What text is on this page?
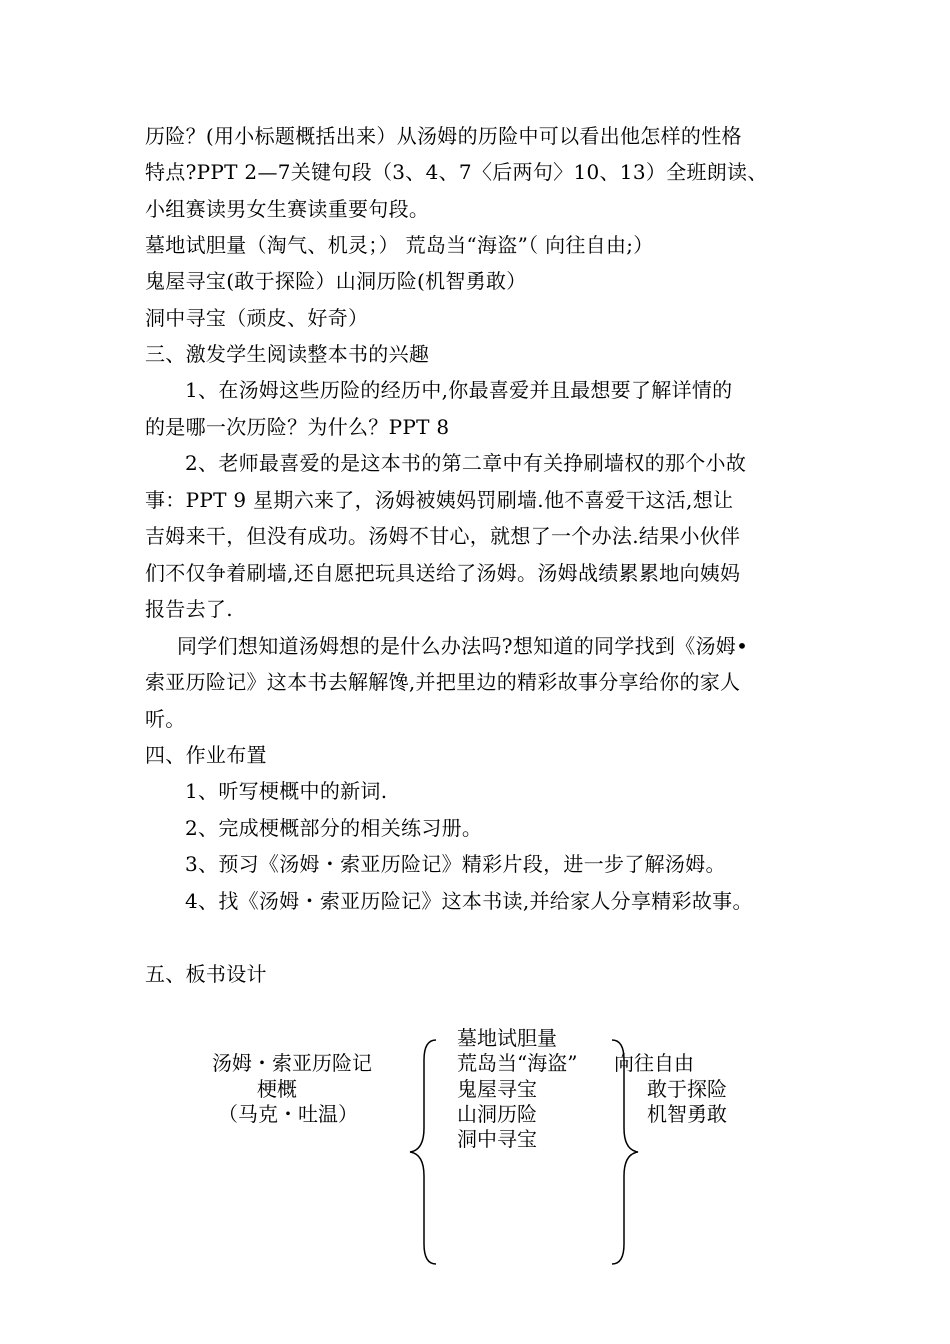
历险？(用小标题概括出来）从汤姆的历险中可以看出他怎样的性格
特点?PPT 2—7关键句段（3、4、7〈后两句〉10、13）全班朗读、
小组赛读男女生赛读重要句段。
墓地试胆量（淘气、机灵；） 荒岛当“海盗”（ 向往自由;）
鬼屋寻宝(敢于探险）山洞历险(机智勇敢）
洞中寻宝（顽皮、好奇）
三、激发学生阅读整本书的兴趣
1、在汤姆这些历险的经历中,你最喜爱并且最想要了解详情的
的是哪一次历险？为什么？PPT 8
2、老师最喜爱的是这本书的第二章中有关挣刷墙权的那个小故
事：PPT 9 星期六来了，汤姆被姨妈罚刷墙.他不喜爱干这活,想让
吉姆来干，但没有成功。汤姆不甘心，就想了一个办法.结果小伙伴
们不仅争着刷墙,还自愿把玩具送给了汤姆。汤姆战绩累累地向姨妈
报告去了.
同学们想知道汤姆想的是什么办法吗?想知道的同学找到《汤姆•
索亚历险记》这本书去解解馋,并把里边的精彩故事分享给你的家人
听。
四、作业布置
1、听写梗概中的新词.
2、完成梗概部分的相关练习册。
3、预习《汤姆・索亚历险记》精彩片段，进一步了解汤姆。
4、找《汤姆・索亚历险记》这本书读,并给家人分享精彩故事。
五、板书设计
汤姆・索亚历险记
梗概
（马克・吐温）
墓地试胆量
荒岛当“海盗”
鬼屋寻宝
山洞历险
洞中寻宝
向往自由
敢于探险
机智勇敢
